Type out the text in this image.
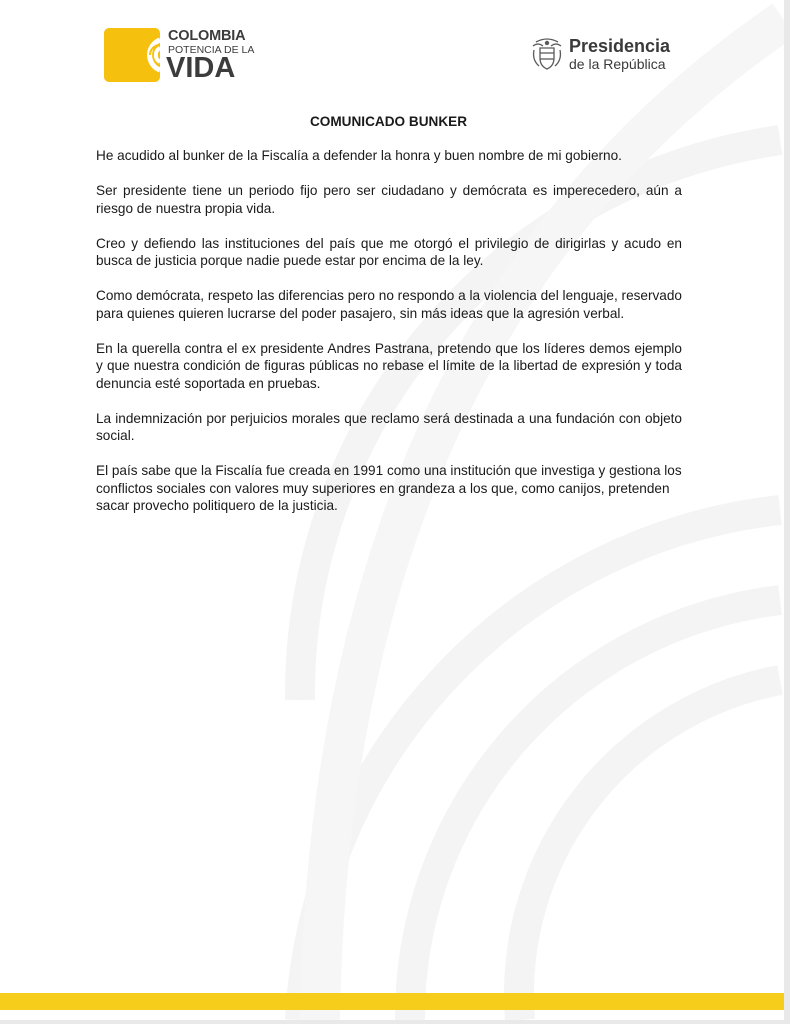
COLOMBIA
POTENCIA DE LA
VIDA
Presidencia
de la República
COMUNICADO BUNKER

He acudido al bunker de la Fiscalía a defender la honra y buen nombre de mi gobierno.

Ser presidente tiene un periodo fijo pero ser ciudadano y demócrata es imperecedero, aún a riesgo de nuestra propia vida.

Creo y defiendo las instituciones del país que me otorgó el privilegio de dirigirlas y acudo en busca de justicia porque nadie puede estar por encima de la ley.

Como demócrata, respeto las diferencias pero no respondo a la violencia del lenguaje, reservado para quienes quieren lucrarse del poder pasajero, sin más ideas que la agresión verbal.

En la querella contra el ex presidente Andres Pastrana, pretendo que los líderes demos ejemplo y que nuestra condición de figuras públicas no rebase el límite de la libertad de expresión y toda denuncia esté soportada en pruebas.

La indemnización por perjuicios morales que reclamo será destinada a una fundación con objeto social.

El país sabe que la Fiscalía fue creada en 1991 como una institución que investiga y gestiona los conflictos sociales con valores muy superiores en grandeza a los que, como canijos, pretenden sacar provecho politiquero de la justicia.
